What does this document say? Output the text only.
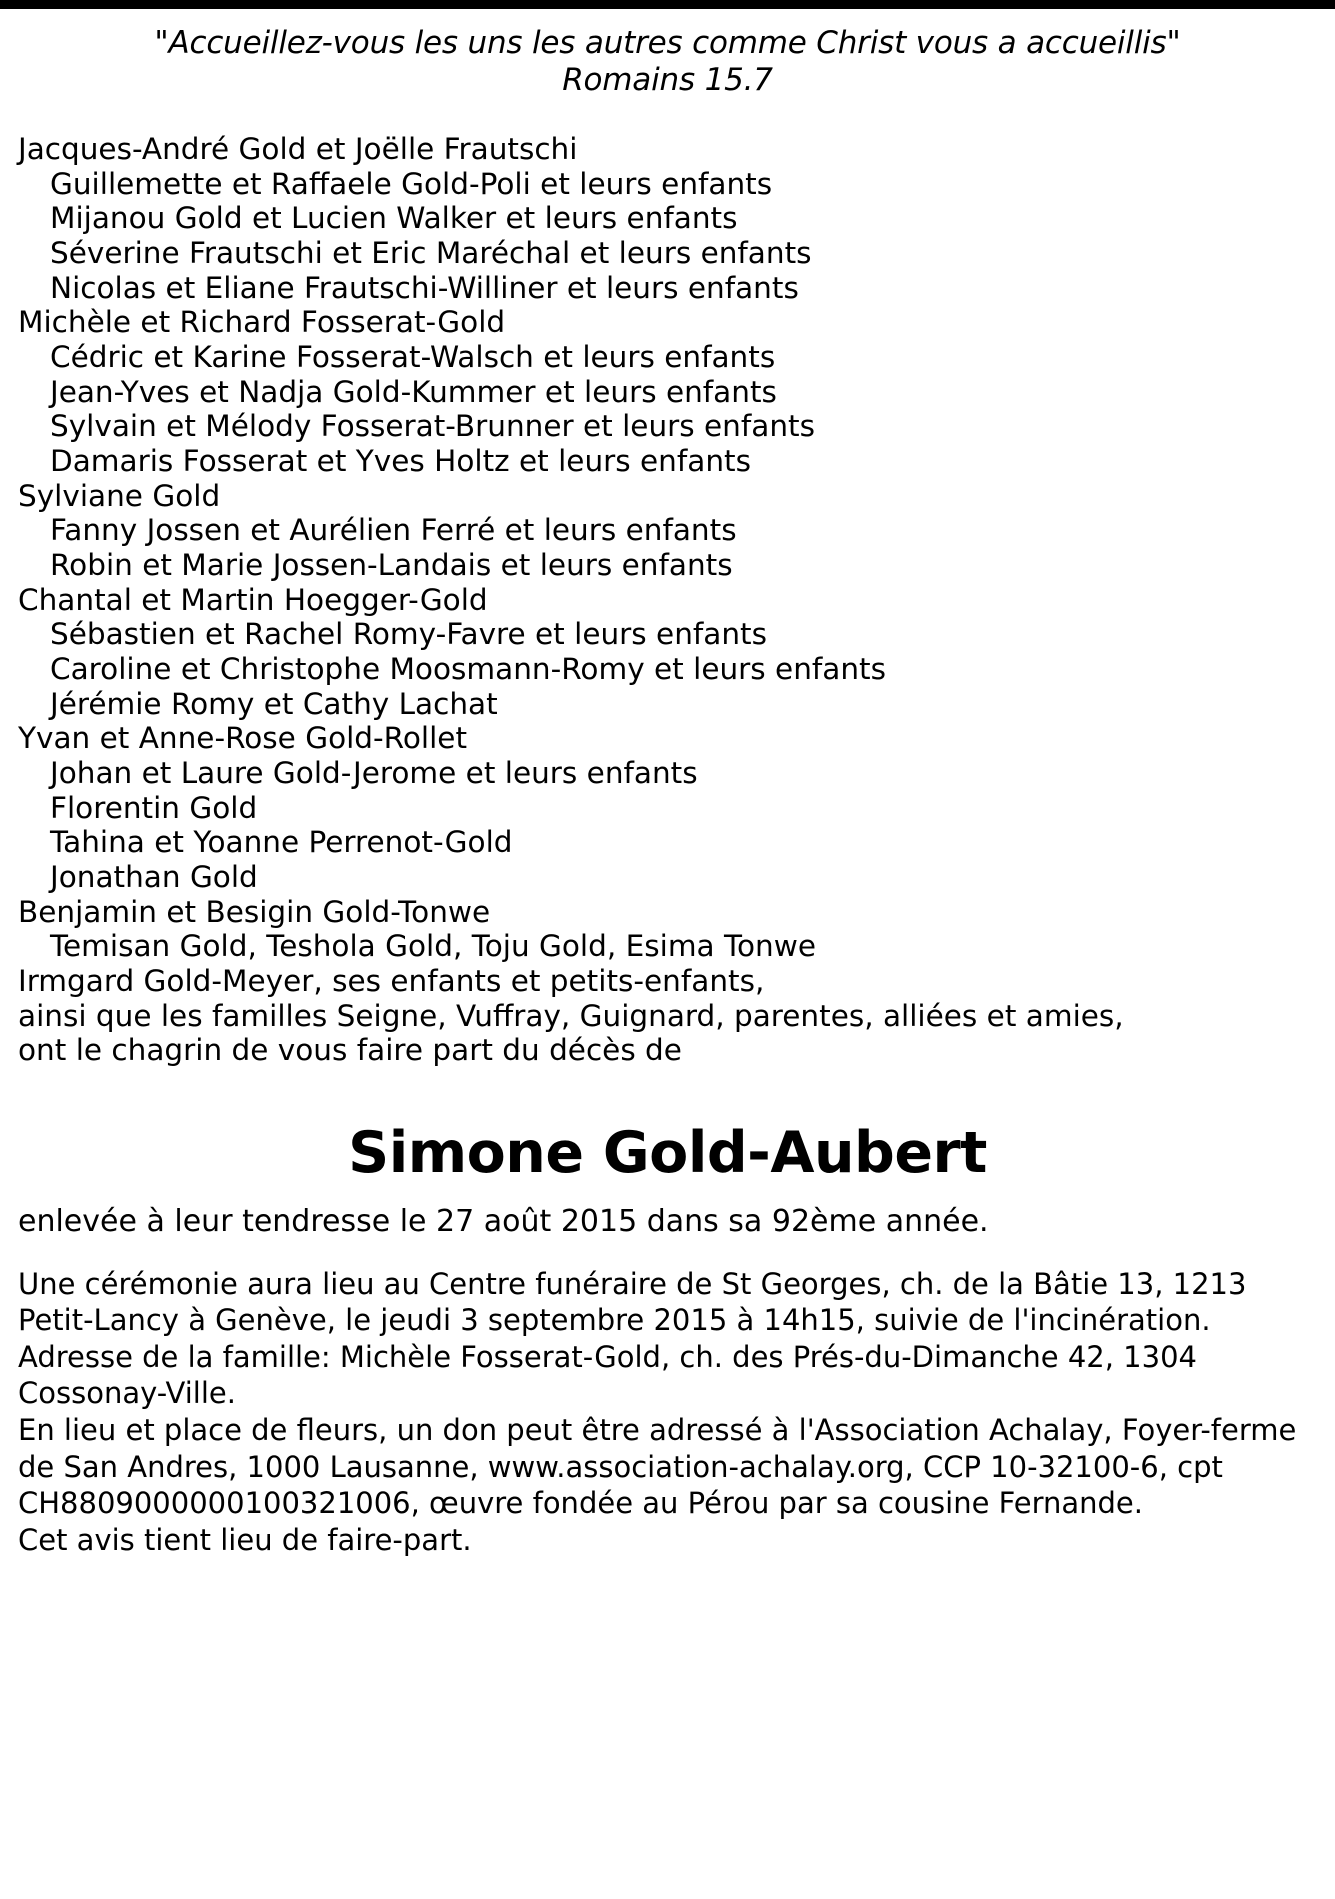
"Accueillez-vous les uns les autres comme Christ vous a accueillis"
Romains 15.7
Jacques-André Gold et Joëlle Frautschi
Guillemette et Raffaele Gold-Poli et leurs enfants
Mijanou Gold et Lucien Walker et leurs enfants
Séverine Frautschi et Eric Maréchal et leurs enfants
Nicolas et Eliane Frautschi-Williner et leurs enfants
Michèle et Richard Fosserat-Gold
Cédric et Karine Fosserat-Walsch et leurs enfants
Jean-Yves et Nadja Gold-Kummer et leurs enfants
Sylvain et Mélody Fosserat-Brunner et leurs enfants
Damaris Fosserat et Yves Holtz et leurs enfants
Sylviane Gold
Fanny Jossen et Aurélien Ferré et leurs enfants
Robin et Marie Jossen-Landais et leurs enfants
Chantal et Martin Hoegger-Gold
Sébastien et Rachel Romy-Favre et leurs enfants
Caroline et Christophe Moosmann-Romy et leurs enfants
Jérémie Romy et Cathy Lachat
Yvan et Anne-Rose Gold-Rollet
Johan et Laure Gold-Jerome et leurs enfants
Florentin Gold
Tahina et Yoanne Perrenot-Gold
Jonathan Gold
Benjamin et Besigin Gold-Tonwe
Temisan Gold, Teshola Gold, Toju Gold, Esima Tonwe
Irmgard Gold-Meyer, ses enfants et petits-enfants,
ainsi que les familles Seigne, Vuffray, Guignard, parentes, alliées et amies,
ont le chagrin de vous faire part du décès de
Simone Gold-Aubert
enlevée à leur tendresse le 27 août 2015 dans sa 92ème année.

Une cérémonie aura lieu au Centre funéraire de St Georges, ch. de la Bâtie 13, 1213 Petit-Lancy à Genève, le jeudi 3 septembre 2015 à 14h15, suivie de l'incinération.

Adresse de la famille: Michèle Fosserat-Gold, ch. des Prés-du-Dimanche 42, 1304 Cossonay-Ville.

En lieu et place de fleurs, un don peut être adressé à l'Association Achalay, Foyer-ferme de San Andres, 1000 Lausanne, www.association-achalay.org, CCP 10-32100-6, cpt CH8809000000100321006, œuvre fondée au Pérou par sa cousine Fernande.

Cet avis tient lieu de faire-part.
